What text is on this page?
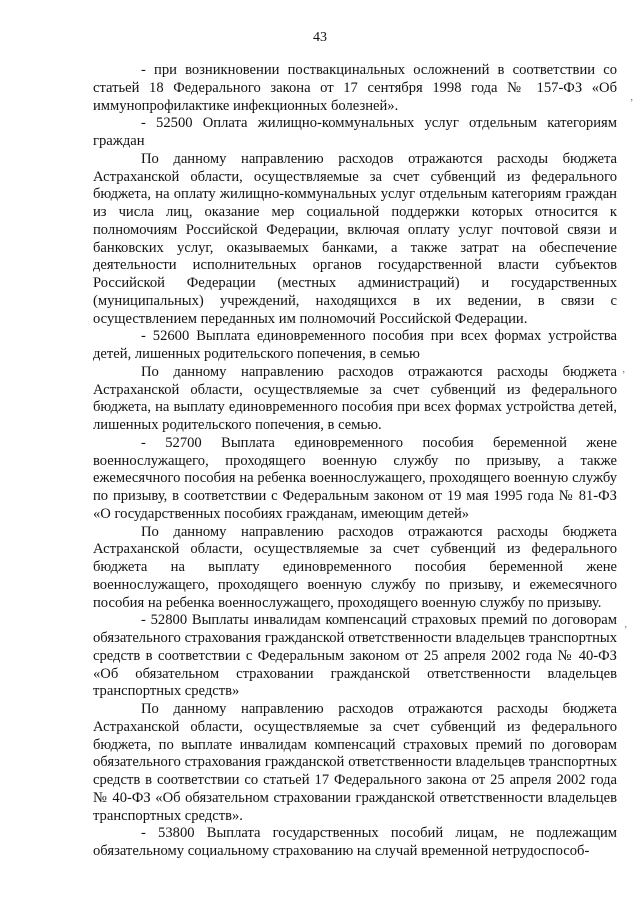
43

- при возникновении поствакцинальных осложнений в соответствии со статьей 18 Федерального закона от 17 сентября 1998 года № 157-ФЗ «Об иммунопрофилактике инфекционных болезней».

- 52500 Оплата жилищно-коммунальных услуг отдельным категориям граждан

По данному направлению расходов отражаются расходы бюджета Астраханской области, осуществляемые за счет субвенций из федерального бюджета, на оплату жилищно-коммунальных услуг отдельным категориям граждан из числа лиц, оказание мер социальной поддержки которых относится к полномочиям Российской Федерации, включая оплату услуг почтовой связи и банковских услуг, оказываемых банками, а также затрат на обеспечение деятельности исполнительных органов государственной власти субъектов Российской Федерации (местных администраций) и государственных (муниципальных) учреждений, находящихся в их ведении, в связи с осуществлением переданных им полномочий Российской Федерации.

- 52600 Выплата единовременного пособия при всех формах устройства детей, лишенных родительского попечения, в семью

По данному направлению расходов отражаются расходы бюджета Астраханской области, осуществляемые за счет субвенций из федерального бюджета, на выплату единовременного пособия при всех формах устройства детей, лишенных родительского попечения, в семью.

- 52700 Выплата единовременного пособия беременной жене военнослужащего, проходящего военную службу по призыву, а также ежемесячного пособия на ребенка военнослужащего, проходящего военную службу по призыву, в соответствии с Федеральным законом от 19 мая 1995 года № 81-ФЗ «О государственных пособиях гражданам, имеющим детей»

По данному направлению расходов отражаются расходы бюджета Астраханской области, осуществляемые за счет субвенций из федерального бюджета на выплату единовременного пособия беременной жене военнослужащего, проходящего военную службу по призыву, и ежемесячного пособия на ребенка военнослужащего, проходящего военную службу по призыву.

- 52800 Выплаты инвалидам компенсаций страховых премий по договорам обязательного страхования гражданской ответственности владельцев транспортных средств в соответствии с Федеральным законом от 25 апреля 2002 года № 40-ФЗ «Об обязательном страховании гражданской ответственности владельцев транспортных средств»

По данному направлению расходов отражаются расходы бюджета Астраханской области, осуществляемые за счет субвенций из федерального бюджета, по выплате инвалидам компенсаций страховых премий по договорам обязательного страхования гражданской ответственности владельцев транспортных средств в соответствии со статьей 17 Федерального закона от 25 апреля 2002 года № 40-ФЗ «Об обязательном страховании гражданской ответственности владельцев транспортных средств».

- 53800 Выплата государственных пособий лицам, не подлежащим обязательному социальному страхованию на случай временной нетрудоспособ-

ʼ
ʼ
ʼ
